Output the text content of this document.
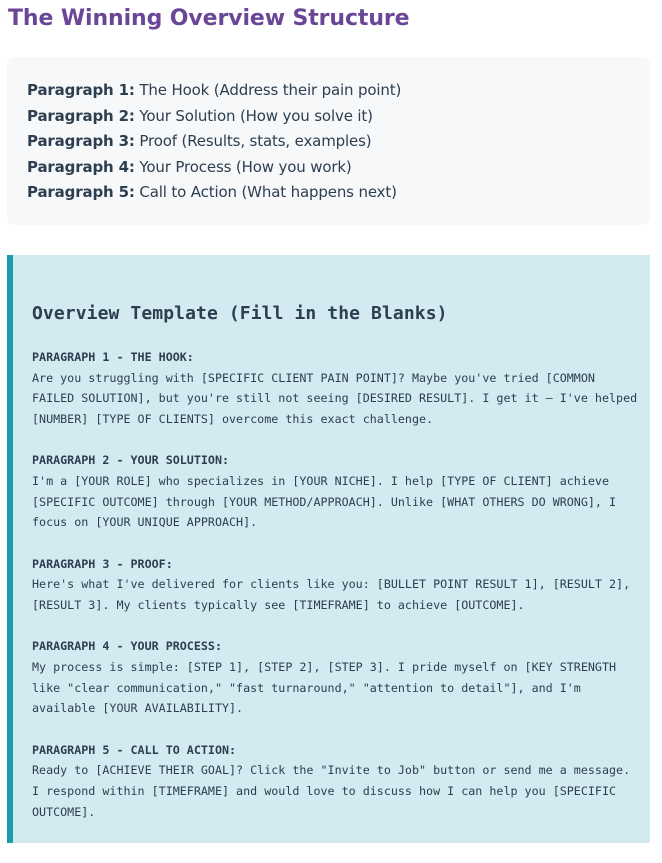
The Winning Overview Structure
Paragraph 1: The Hook (Address their pain point)
Paragraph 2: Your Solution (How you solve it)
Paragraph 3: Proof (Results, stats, examples)
Paragraph 4: Your Process (How you work)
Paragraph 5: Call to Action (What happens next)
Overview Template (Fill in the Blanks)
PARAGRAPH 1 - THE HOOK:
Are you struggling with [SPECIFIC CLIENT PAIN POINT]? Maybe you've tried [COMMON FAILED SOLUTION], but you're still not seeing [DESIRED RESULT]. I get it – I've helped [NUMBER] [TYPE OF CLIENTS] overcome this exact challenge.
PARAGRAPH 2 - YOUR SOLUTION:
I'm a [YOUR ROLE] who specializes in [YOUR NICHE]. I help [TYPE OF CLIENT] achieve [SPECIFIC OUTCOME] through [YOUR METHOD/APPROACH]. Unlike [WHAT OTHERS DO WRONG], I focus on [YOUR UNIQUE APPROACH].
PARAGRAPH 3 - PROOF:
Here's what I've delivered for clients like you: [BULLET POINT RESULT 1], [RESULT 2], [RESULT 3]. My clients typically see [TIMEFRAME] to achieve [OUTCOME].
PARAGRAPH 4 - YOUR PROCESS:
My process is simple: [STEP 1], [STEP 2], [STEP 3]. I pride myself on [KEY STRENGTH like "clear communication," "fast turnaround," "attention to detail"], and I'm available [YOUR AVAILABILITY].
PARAGRAPH 5 - CALL TO ACTION:
Ready to [ACHIEVE THEIR GOAL]? Click the "Invite to Job" button or send me a message. I respond within [TIMEFRAME] and would love to discuss how I can help you [SPECIFIC OUTCOME].
